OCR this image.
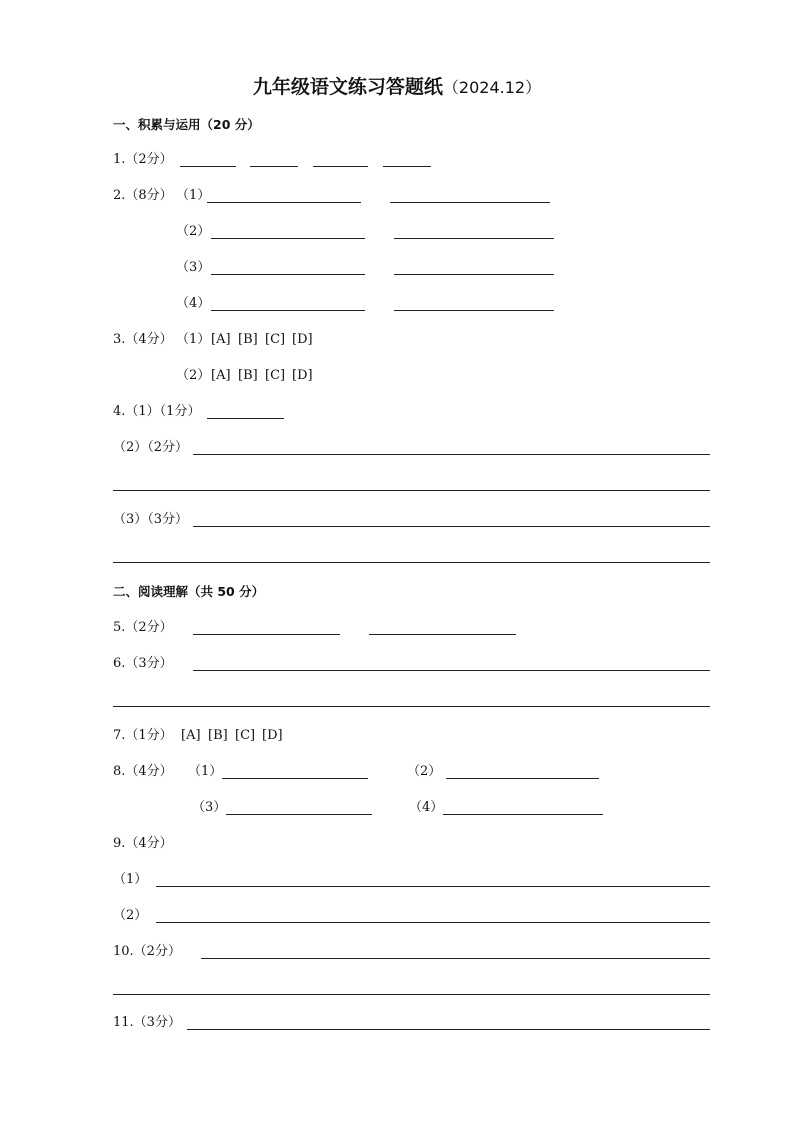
九年级语文练习答题纸（2024.12）
一、积累与运用（20 分）
1.（2分）
2.（8分） （1）
（2）
（3）
（4）
3.（4分） （1） [A] [B] [C] [D]
（2） [A] [B] [C] [D]
4.（1）（1分）
（2）（2分）
（3）（3分）
二、阅读理解（共 50 分）
5.（2分）
6.（3分）
7.（1分） [A] [B] [C] [D]
8.（4分） （1）	（2）
（3）	（4）
9.（4分）
（1）
（2）
10.（2分）
11.（3分）
